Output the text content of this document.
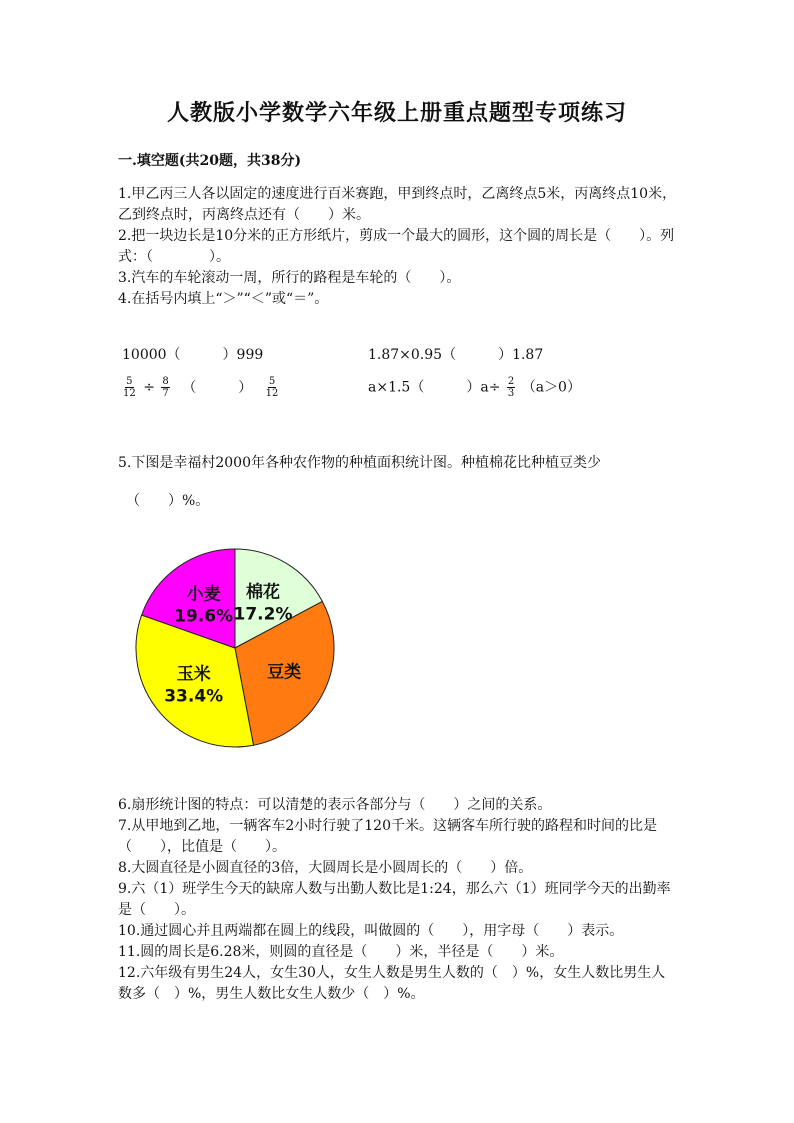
人教版小学数学六年级上册重点题型专项练习
一.填空题(共20题，共38分)
1.甲乙丙三人各以固定的速度进行百米赛跑，甲到终点时，乙离终点5米，丙离终点10米，乙到终点时，丙离终点还有（　　）米。
2.把一块边长是10分米的正方形纸片，剪成一个最大的圆形，这个圆的周长是（　　）。列式：（　　　　）。
3.汽车的车轮滚动一周，所行的路程是车轮的（　　）。
4.在括号内填上“＞”“＜”或“＝”。
10000（　　　）999	1.87×0.95（　　　）1.87
$\frac{5}{12} \div \frac{8}{7}$ （　　　） $\frac{5}{12}$	a×1.5（　　　）$a\div \frac{2}{3} (a>0)$
5.下图是幸福村2000年各种农作物的种植面积统计图。种植棉花比种植豆类少
（　　）%。
棉花
17.2%
豆类
玉米
33.4%
小麦
19.6%
6.扇形统计图的特点：可以清楚的表示各部分与（　　）之间的关系。
7.从甲地到乙地，一辆客车2小时行驶了120千米。这辆客车所行驶的路程和时间的比是（　　），比值是（　　）。
8.大圆直径是小圆直径的3倍，大圆周长是小圆周长的（　　）倍。
9.六（1）班学生今天的缺席人数与出勤人数比是1:24，那么六（1）班同学今天的出勤率是（　　）。
10.通过圆心并且两端都在圆上的线段，叫做圆的（　　），用字母（　　）表示。
11.圆的周长是6.28米，则圆的直径是（　　）米，半径是（　　）米。
12.六年级有男生24人，女生30人，女生人数是男生人数的（　）%，女生人数比男生人数多（　）%，男生人数比女生人数少（　）%。
